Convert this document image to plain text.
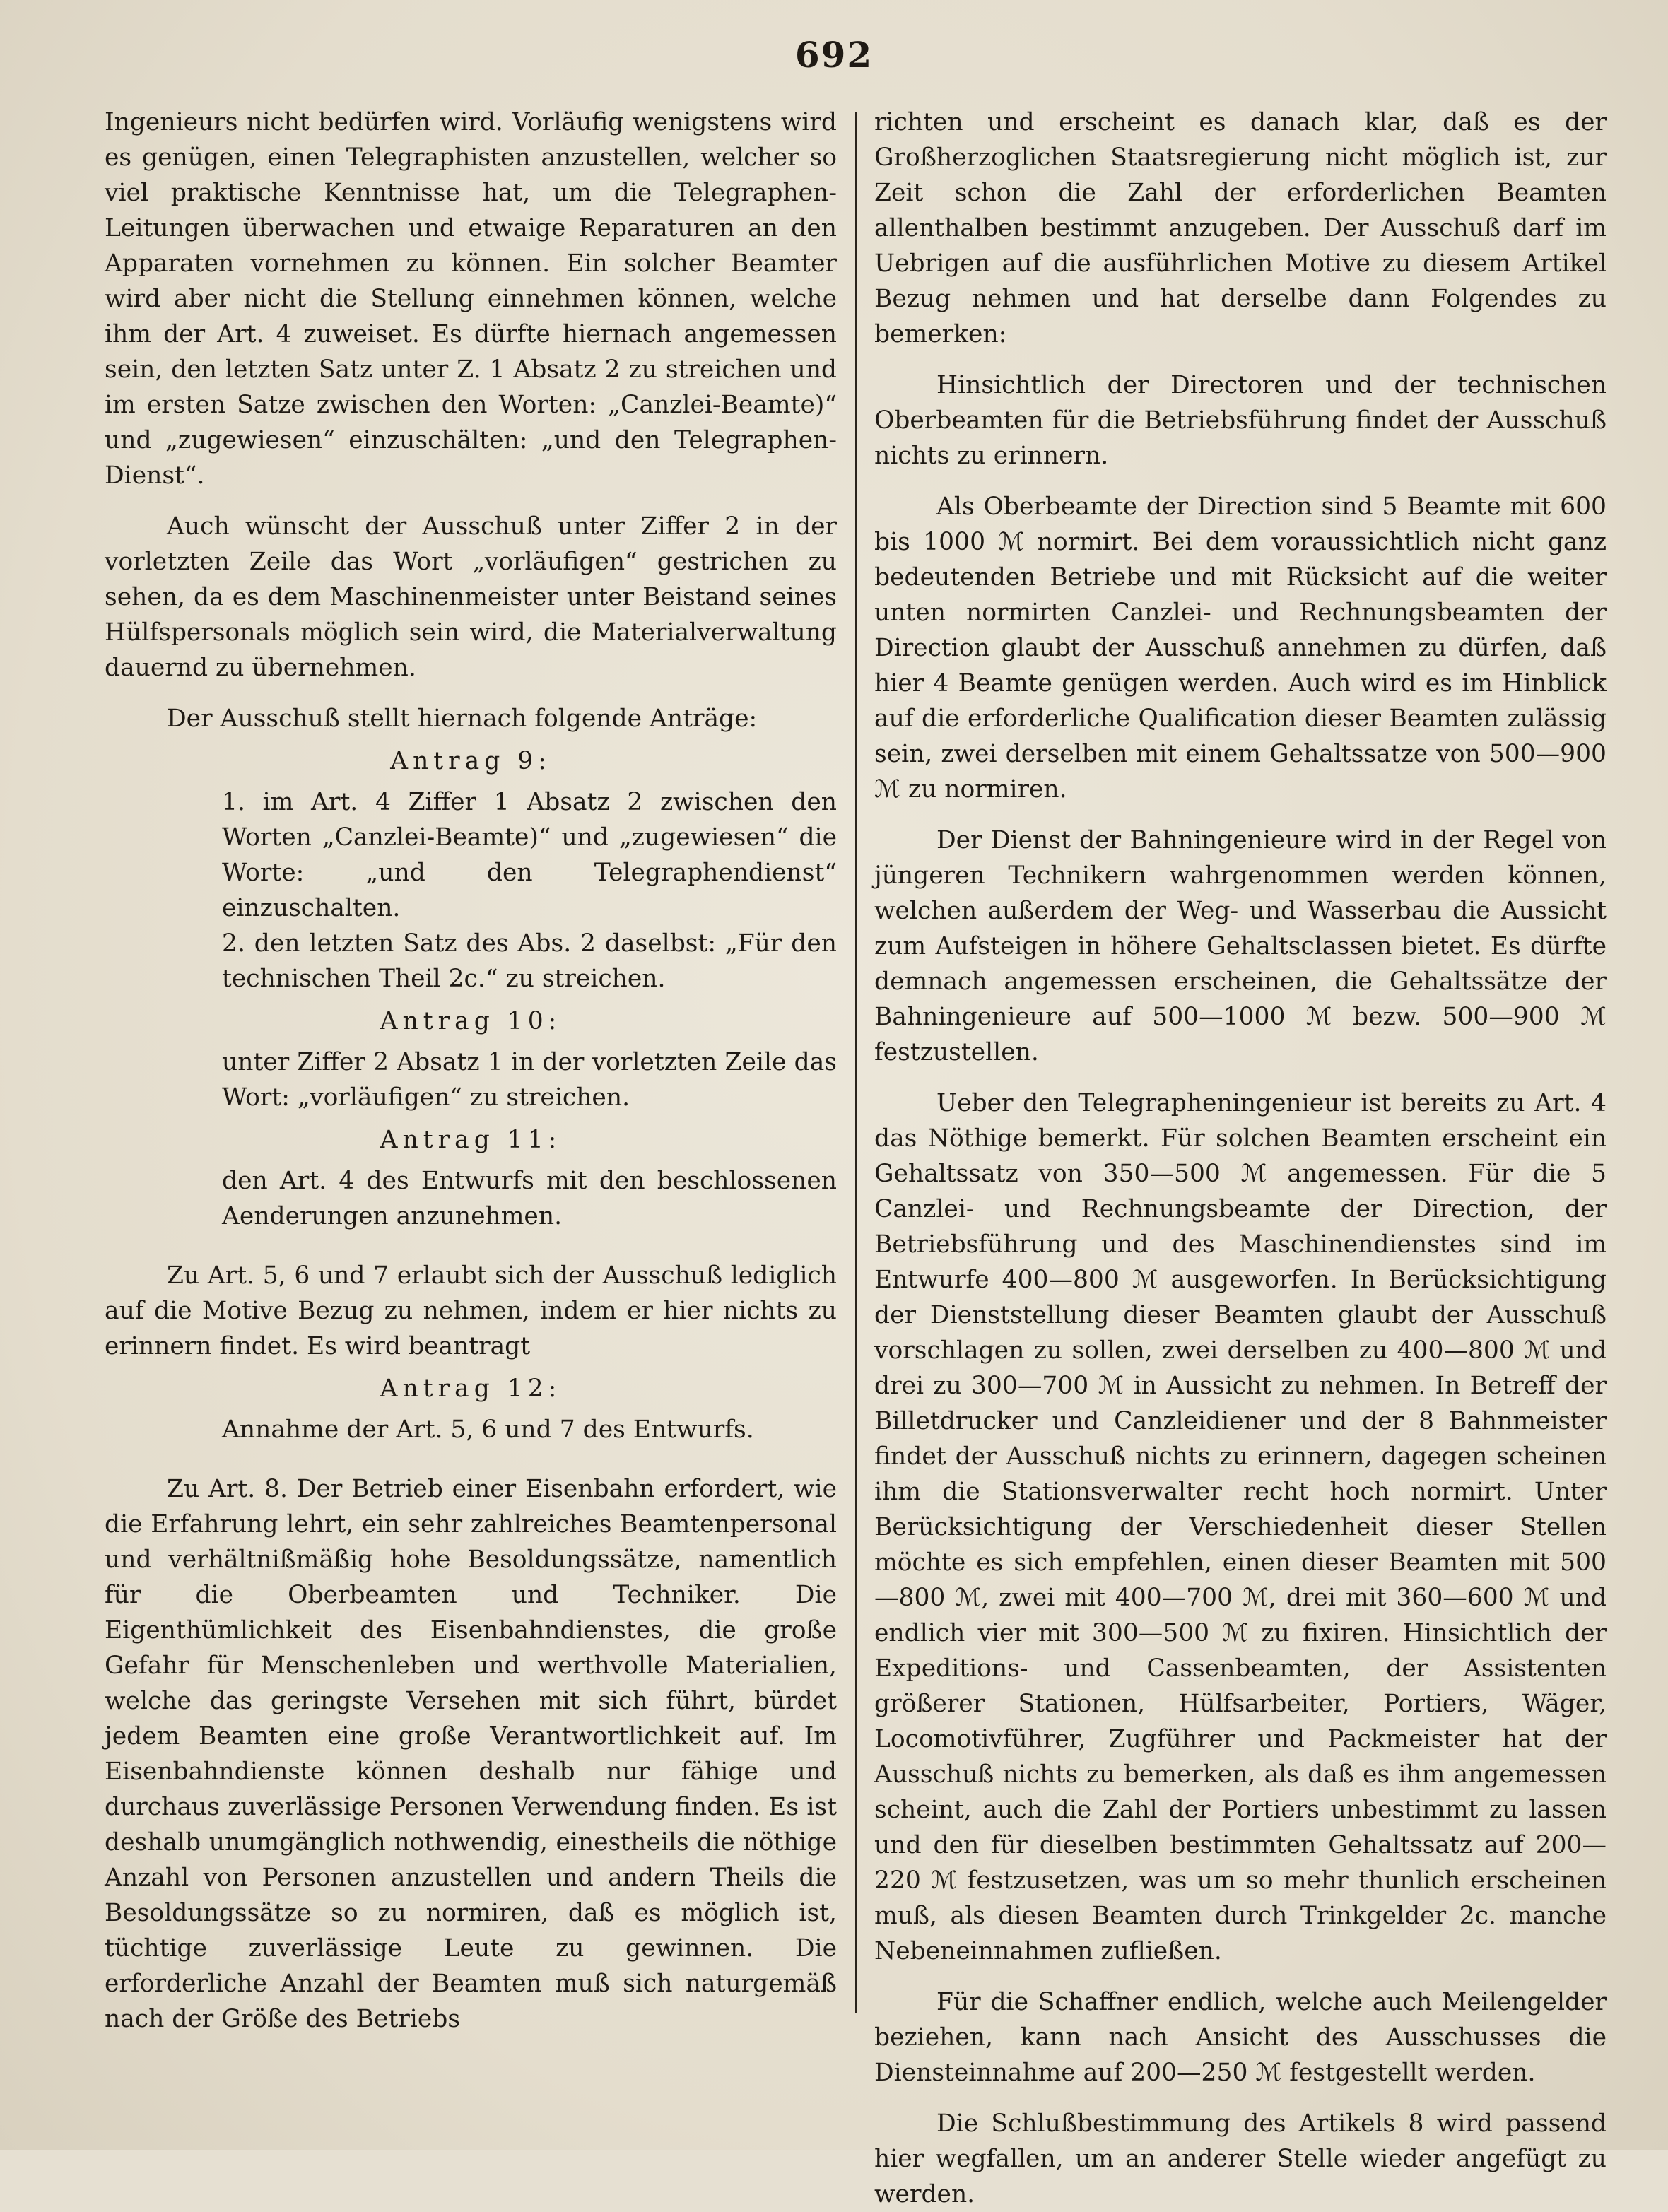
692

Ingenieurs nicht bedürfen wird. Vorläufig wenigstens wird es genügen, einen Telegraphisten anzustellen, welcher so viel praktische Kenntnisse hat, um die Telegraphen-Leitungen überwachen und etwaige Reparaturen an den Apparaten vornehmen zu können. Ein solcher Beamter wird aber nicht die Stellung einnehmen können, welche ihm der Art. 4 zuweiset. Es dürfte hiernach angemessen sein, den letzten Satz unter Z. 1 Absatz 2 zu streichen und im ersten Satze zwischen den Worten: „Canzlei-Beamte)“ und „zugewiesen“ einzuschälten: „und den Telegraphen-Dienst“.

Auch wünscht der Ausschuß unter Ziffer 2 in der vorletzten Zeile das Wort „vorläufigen“ gestrichen zu sehen, da es dem Maschinenmeister unter Beistand seines Hülfspersonals möglich sein wird, die Materialverwaltung dauernd zu übernehmen.

Der Ausschuß stellt hiernach folgende Anträge:

Antrag 9:

1. im Art. 4 Ziffer 1 Absatz 2 zwischen den Worten „Canzlei-Beamte)“ und „zugewiesen“ die Worte: „und den Telegraphendienst“ einzuschalten.

2. den letzten Satz des Abs. 2 daselbst: „Für den technischen Theil 2c.“ zu streichen.

Antrag 10:

unter Ziffer 2 Absatz 1 in der vorletzten Zeile das Wort: „vorläufigen“ zu streichen.

Antrag 11:

den Art. 4 des Entwurfs mit den beschlossenen Aenderungen anzunehmen.

Zu Art. 5, 6 und 7 erlaubt sich der Ausschuß lediglich auf die Motive Bezug zu nehmen, indem er hier nichts zu erinnern findet. Es wird beantragt

Antrag 12:

Annahme der Art. 5, 6 und 7 des Entwurfs.

Zu Art. 8. Der Betrieb einer Eisenbahn erfordert, wie die Erfahrung lehrt, ein sehr zahlreiches Beamtenpersonal und verhältnißmäßig hohe Besoldungssätze, namentlich für die Oberbeamten und Techniker. Die Eigenthümlichkeit des Eisenbahndienstes, die große Gefahr für Menschenleben und werthvolle Materialien, welche das geringste Versehen mit sich führt, bürdet jedem Beamten eine große Verantwortlichkeit auf. Im Eisenbahndienste können deshalb nur fähige und durchaus zuverlässige Personen Verwendung finden. Es ist deshalb unumgänglich nothwendig, einestheils die nöthige Anzahl von Personen anzustellen und andern Theils die Besoldungssätze so zu normiren, daß es möglich ist, tüchtige zuverlässige Leute zu gewinnen. Die erforderliche Anzahl der Beamten muß sich naturgemäß nach der Größe des Betriebs

richten und erscheint es danach klar, daß es der Großherzoglichen Staatsregierung nicht möglich ist, zur Zeit schon die Zahl der erforderlichen Beamten allenthalben bestimmt anzugeben. Der Ausschuß darf im Uebrigen auf die ausführlichen Motive zu diesem Artikel Bezug nehmen und hat derselbe dann Folgendes zu bemerken:

Hinsichtlich der Directoren und der technischen Oberbeamten für die Betriebsführung findet der Ausschuß nichts zu erinnern.

Als Oberbeamte der Direction sind 5 Beamte mit 600 bis 1000 ℳ normirt. Bei dem voraussichtlich nicht ganz bedeutenden Betriebe und mit Rücksicht auf die weiter unten normirten Canzlei- und Rechnungsbeamten der Direction glaubt der Ausschuß annehmen zu dürfen, daß hier 4 Beamte genügen werden. Auch wird es im Hinblick auf die erforderliche Qualification dieser Beamten zulässig sein, zwei derselben mit einem Gehaltssatze von 500—900 ℳ zu normiren.

Der Dienst der Bahningenieure wird in der Regel von jüngeren Technikern wahrgenommen werden können, welchen außerdem der Weg- und Wasserbau die Aussicht zum Aufsteigen in höhere Gehaltsclassen bietet. Es dürfte demnach angemessen erscheinen, die Gehaltssätze der Bahningenieure auf 500—1000 ℳ bezw. 500—900 ℳ festzustellen.

Ueber den Telegrapheningenieur ist bereits zu Art. 4 das Nöthige bemerkt. Für solchen Beamten erscheint ein Gehaltssatz von 350—500 ℳ angemessen. Für die 5 Canzlei- und Rechnungsbeamte der Direction, der Betriebsführung und des Maschinendienstes sind im Entwurfe 400—800 ℳ ausgeworfen. In Berücksichtigung der Dienststellung dieser Beamten glaubt der Ausschuß vorschlagen zu sollen, zwei derselben zu 400—800 ℳ und drei zu 300—700 ℳ in Aussicht zu nehmen. In Betreff der Billetdrucker und Canzleidiener und der 8 Bahnmeister findet der Ausschuß nichts zu erinnern, dagegen scheinen ihm die Stationsverwalter recht hoch normirt. Unter Berücksichtigung der Verschiedenheit dieser Stellen möchte es sich empfehlen, einen dieser Beamten mit 500—800 ℳ, zwei mit 400—700 ℳ, drei mit 360—600 ℳ und endlich vier mit 300—500 ℳ zu fixiren. Hinsichtlich der Expeditions- und Cassenbeamten, der Assistenten größerer Stationen, Hülfsarbeiter, Portiers, Wäger, Locomotivführer, Zugführer und Packmeister hat der Ausschuß nichts zu bemerken, als daß es ihm angemessen scheint, auch die Zahl der Portiers unbestimmt zu lassen und den für dieselben bestimmten Gehaltssatz auf 200—220 ℳ festzusetzen, was um so mehr thunlich erscheinen muß, als diesen Beamten durch Trinkgelder 2c. manche Nebeneinnahmen zufließen.

Für die Schaffner endlich, welche auch Meilengelder beziehen, kann nach Ansicht des Ausschusses die Diensteinnahme auf 200—250 ℳ festgestellt werden.

Die Schlußbestimmung des Artikels 8 wird passend hier wegfallen, um an anderer Stelle wieder angefügt zu werden.
